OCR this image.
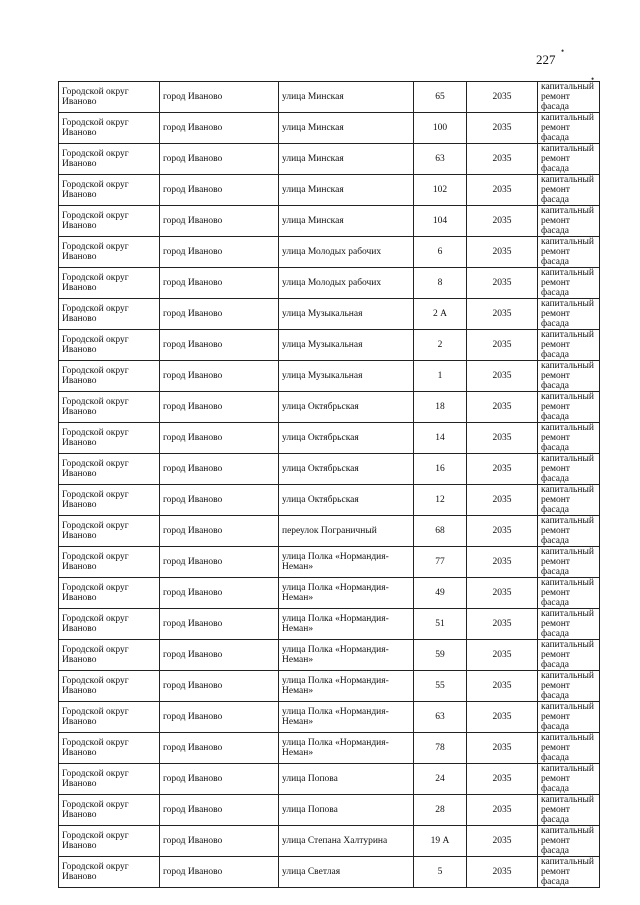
227
•
•
Городской округ Иваново	город Иваново	улица Минская	65	2035	капитальный ремонт фасада
Городской округ Иваново	город Иваново	улица Минская	100	2035	капитальный ремонт фасада
Городской округ Иваново	город Иваново	улица Минская	63	2035	капитальный ремонт фасада
Городской округ Иваново	город Иваново	улица Минская	102	2035	капитальный ремонт фасада
Городской округ Иваново	город Иваново	улица Минская	104	2035	капитальный ремонт фасада
Городской округ Иваново	город Иваново	улица Молодых рабочих	6	2035	капитальный ремонт фасада
Городской округ Иваново	город Иваново	улица Молодых рабочих	8	2035	капитальный ремонт фасада
Городской округ Иваново	город Иваново	улица Музыкальная	2 А	2035	капитальный ремонт фасада
Городской округ Иваново	город Иваново	улица Музыкальная	2	2035	капитальный ремонт фасада
Городской округ Иваново	город Иваново	улица Музыкальная	1	2035	капитальный ремонт фасада
Городской округ Иваново	город Иваново	улица Октябрьская	18	2035	капитальный ремонт фасада
Городской округ Иваново	город Иваново	улица Октябрьская	14	2035	капитальный ремонт фасада
Городской округ Иваново	город Иваново	улица Октябрьская	16	2035	капитальный ремонт фасада
Городской округ Иваново	город Иваново	улица Октябрьская	12	2035	капитальный ремонт фасада
Городской округ Иваново	город Иваново	переулок Пограничный	68	2035	капитальный ремонт фасада
Городской округ Иваново	город Иваново	улица Полка «Нормандия-Неман»	77	2035	капитальный ремонт фасада
Городской округ Иваново	город Иваново	улица Полка «Нормандия-Неман»	49	2035	капитальный ремонт фасада
Городской округ Иваново	город Иваново	улица Полка «Нормандия-Неман»	51	2035	капитальный ремонт фасада
Городской округ Иваново	город Иваново	улица Полка «Нормандия-Неман»	59	2035	капитальный ремонт фасада
Городской округ Иваново	город Иваново	улица Полка «Нормандия-Неман»	55	2035	капитальный ремонт фасада
Городской округ Иваново	город Иваново	улица Полка «Нормандия-Неман»	63	2035	капитальный ремонт фасада
Городской округ Иваново	город Иваново	улица Полка «Нормандия-Неман»	78	2035	капитальный ремонт фасада
Городской округ Иваново	город Иваново	улица Попова	24	2035	капитальный ремонт фасада
Городской округ Иваново	город Иваново	улица Попова	28	2035	капитальный ремонт фасада
Городской округ Иваново	город Иваново	улица Степана Халтурина	19 А	2035	капитальный ремонт фасада
Городской округ Иваново	город Иваново	улица Светлая	5	2035	капитальный ремонт фасада
